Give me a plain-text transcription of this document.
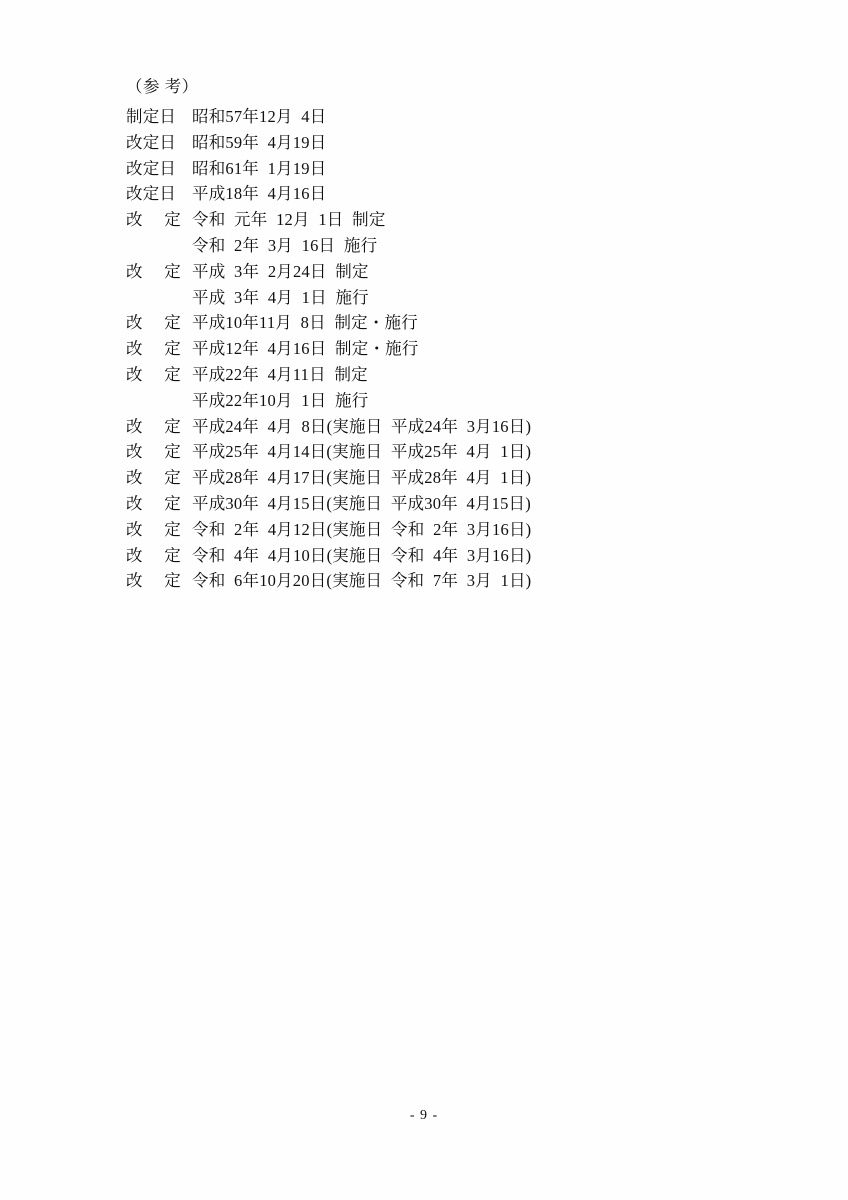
（参 考）
制定日 昭和57年12月  4日
改定日 昭和59年  4月19日
改定日 昭和61年  1月19日
改定日 平成18年  4月16日
改  定 令和  元年  12月  1日  制定
令和  2年  3月  16日  施行
改  定 平成  3年  2月24日  制定
平成  3年  4月  1日  施行
改  定 平成10年11月  8日  制定・施行
改  定 平成12年  4月16日  制定・施行
改  定 平成22年  4月11日  制定
平成22年10月  1日  施行
改  定 平成24年  4月  8日(実施日  平成24年  3月16日)
改  定 平成25年  4月14日(実施日  平成25年  4月  1日)
改  定 平成28年  4月17日(実施日  平成28年  4月  1日)
改  定 平成30年  4月15日(実施日  平成30年  4月15日)
改  定 令和  2年  4月12日(実施日  令和  2年  3月16日)
改  定 令和  4年  4月10日(実施日  令和  4年  3月16日)
改  定 令和  6年10月20日(実施日  令和  7年  3月  1日)
- 9 -
